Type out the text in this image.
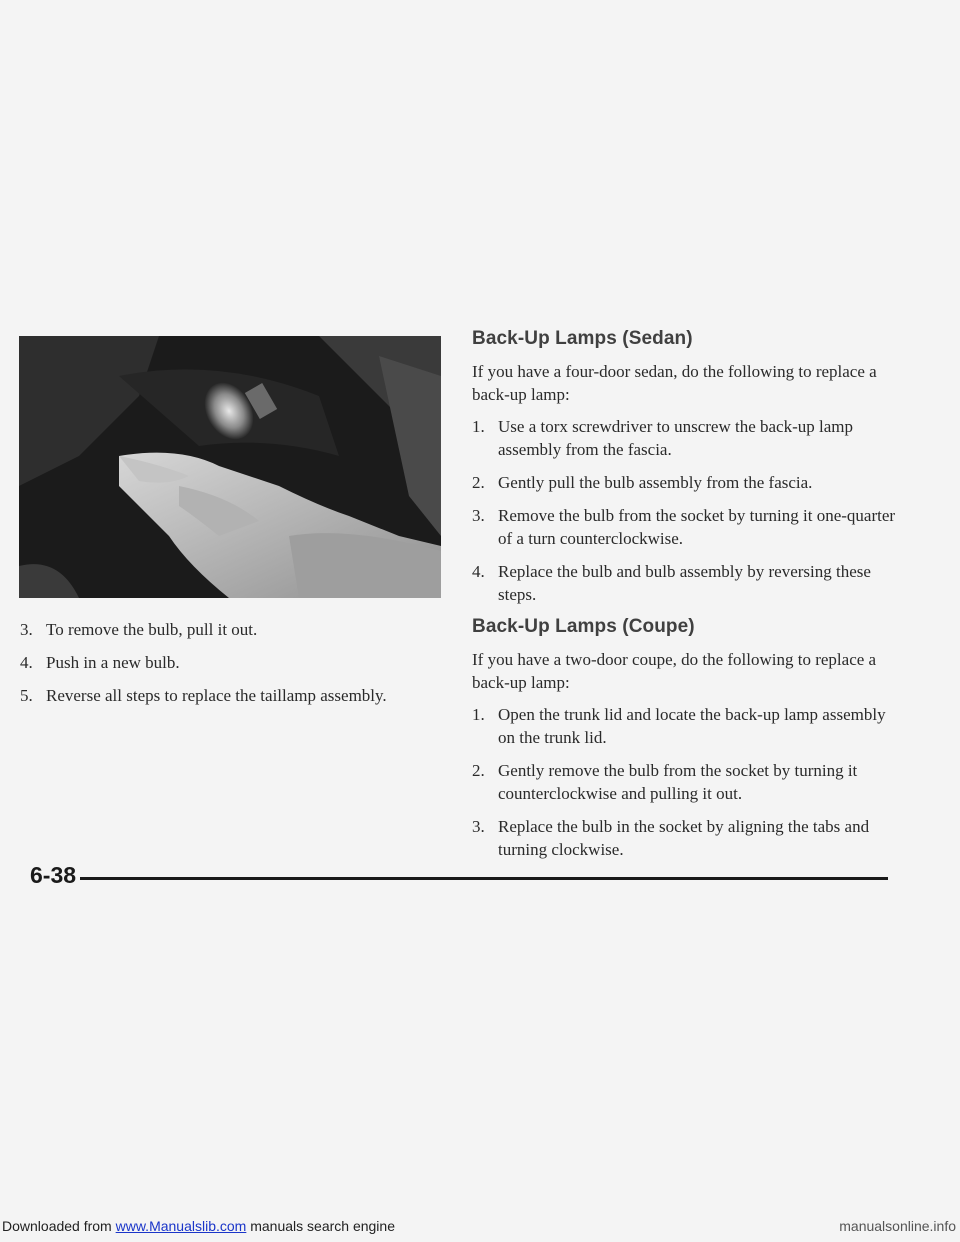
3. To remove the bulb, pull it out.
4. Push in a new bulb.
5. Reverse all steps to replace the taillamp assembly.
Back-Up Lamps (Sedan)

If you have a four-door sedan, do the following to replace a back-up lamp:

1. Use a torx screwdriver to unscrew the back-up lamp assembly from the fascia.
2. Gently pull the bulb assembly from the fascia.
3. Remove the bulb from the socket by turning it one-quarter of a turn counterclockwise.
4. Replace the bulb and bulb assembly by reversing these steps.
Back-Up Lamps (Coupe)

If you have a two-door coupe, do the following to replace a back-up lamp:

1. Open the trunk lid and locate the back-up lamp assembly on the trunk lid.
2. Gently remove the bulb from the socket by turning it counterclockwise and pulling it out.
3. Replace the bulb in the socket by aligning the tabs and turning clockwise.
6-38
Downloaded from www.Manualslib.com manuals search engine	manualsonline.info
